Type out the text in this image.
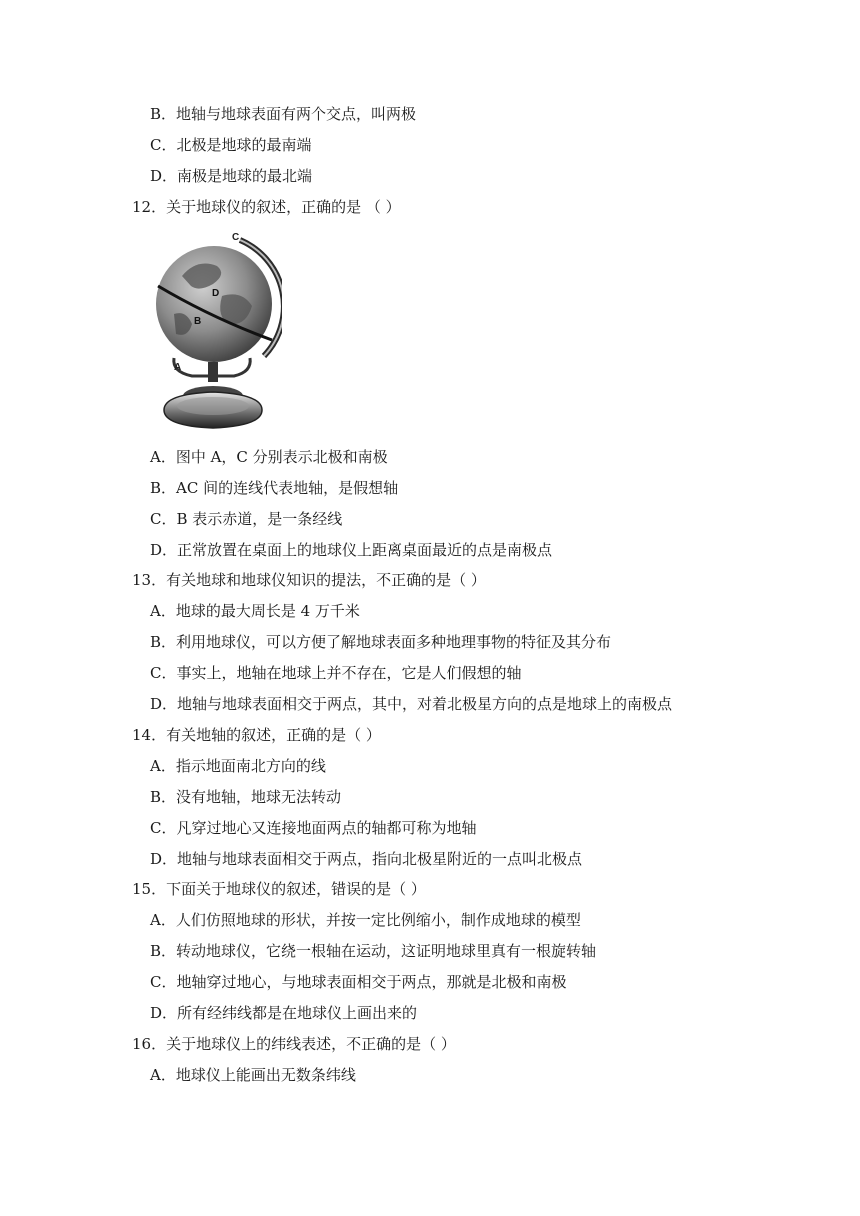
B．地轴与地球表面有两个交点，叫两极
C．北极是地球的最南端
D．南极是地球的最北端
12．关于地球仪的叙述，正确的是 （ ）
C
D
B
A
A．图中 A，C 分别表示北极和南极
B．AC 间的连线代表地轴，是假想轴
C．B 表示赤道，是一条经线
D．正常放置在桌面上的地球仪上距离桌面最近的点是南极点
13．有关地球和地球仪知识的提法，不正确的是（ ）
A．地球的最大周长是 4 万千米
B．利用地球仪，可以方便了解地球表面多种地理事物的特征及其分布
C．事实上，地轴在地球上并不存在，它是人们假想的轴
D．地轴与地球表面相交于两点，其中，对着北极星方向的点是地球上的南极点
14．有关地轴的叙述，正确的是（ ）
A．指示地面南北方向的线
B．没有地轴，地球无法转动
C．凡穿过地心又连接地面两点的轴都可称为地轴
D．地轴与地球表面相交于两点，指向北极星附近的一点叫北极点
15．下面关于地球仪的叙述，错误的是（ ）
A．人们仿照地球的形状，并按一定比例缩小，制作成地球的模型
B．转动地球仪，它绕一根轴在运动，这证明地球里真有一根旋转轴
C．地轴穿过地心，与地球表面相交于两点，那就是北极和南极
D．所有经纬线都是在地球仪上画出来的
16．关于地球仪上的纬线表述，不正确的是（ ）
A．地球仪上能画出无数条纬线
